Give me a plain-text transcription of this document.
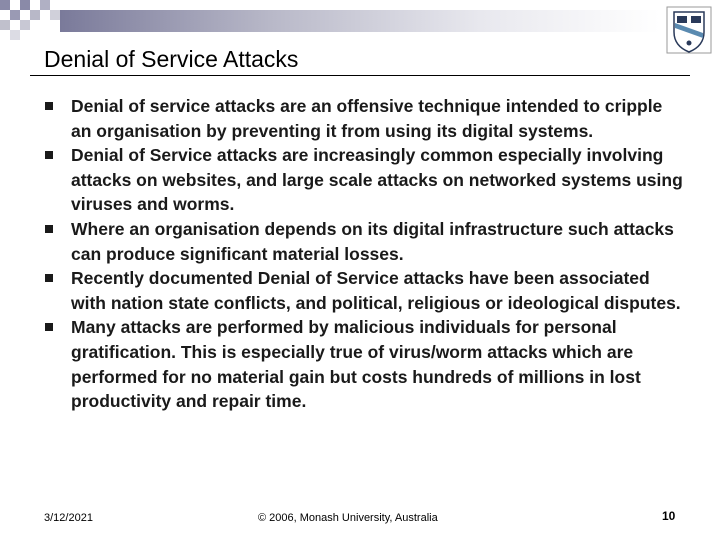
Denial of Service Attacks
Denial of service attacks are an offensive technique intended to cripple an organisation by preventing it from using its digital systems.
Denial of Service attacks are increasingly common especially involving attacks on websites, and large scale attacks on networked systems using viruses and worms.
Where an organisation depends on its digital infrastructure such attacks can produce significant material losses.
Recently documented Denial of Service attacks have been associated with nation state conflicts, and political, religious or ideological disputes.
Many attacks are performed by malicious individuals for personal gratification. This is especially true of virus/worm attacks which are performed for no material gain but costs hundreds of millions in lost productivity and repair time.
3/12/2021	© 2006, Monash University, Australia	10
